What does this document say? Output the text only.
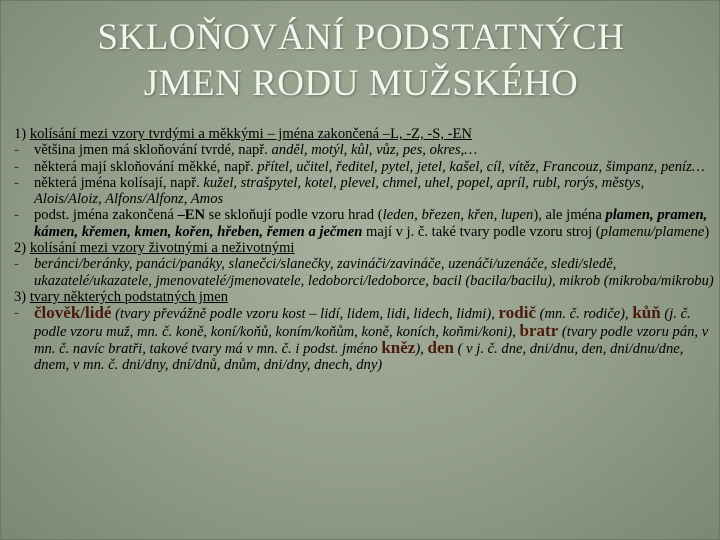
SKLOŇOVÁNÍ PODSTATNÝCH
JMEN RODU MUŽSKÉHO
1) kolísání mezi vzory tvrdými a měkkými – jména zakončená –L, -Z, -S, -EN
- většina jmen má skloňování tvrdé, např. anděl, motýl, kůl, vůz, pes, okres,…
- některá mají skloňování měkké, např. přítel, učitel, ředitel, pytel, jetel, kašel, cíl, vítěz, Francouz, šimpanz, peníz…
- některá jména kolísají, např. kužel, strašpytel, kotel, plevel, chmel, uhel, popel, apríl, rubl, rorýs, městys, Alois/Aloiz, Alfons/Alfonz, Amos
- podst. jména zakončená –EN se skloňují podle vzoru hrad (leden, březen, křen, lupen), ale jména plamen, pramen, kámen, křemen, kmen, kořen, hřeben, řemen a ječmen mají v j. č. také tvary podle vzoru stroj (plamenu/plamene)
2) kolísání mezi vzory životnými a neživotnými
- beránci/beránky, panáci/panáky, slanečci/slanečky, zavináči/zavináče, uzenáči/uzenáče, sledi/sledě, ukazatelé/ukazatele, jmenovatelé/jmenovatele, ledoborci/ledoborce, bacil (bacila/bacilu), mikrob (mikroba/mikrobu)
3) tvary některých podstatných jmen
- člověk/lidé (tvary převážně podle vzoru kost – lidí, lidem, lidi, lidech, lidmi), rodič (mn. č. rodiče), kůň (j. č. podle vzoru muž, mn. č. koně, koní/koňů, koním/koňům, koně, koních, koňmi/koni), bratr (tvary podle vzoru pán, v mn. č. navíc bratři, takové tvary má v mn. č. i podst. jméno kněz), den ( v j. č. dne, dni/dnu, den, dni/dnu/dne, dnem, v mn. č. dni/dny, dní/dnů, dnům, dni/dny, dnech, dny)
